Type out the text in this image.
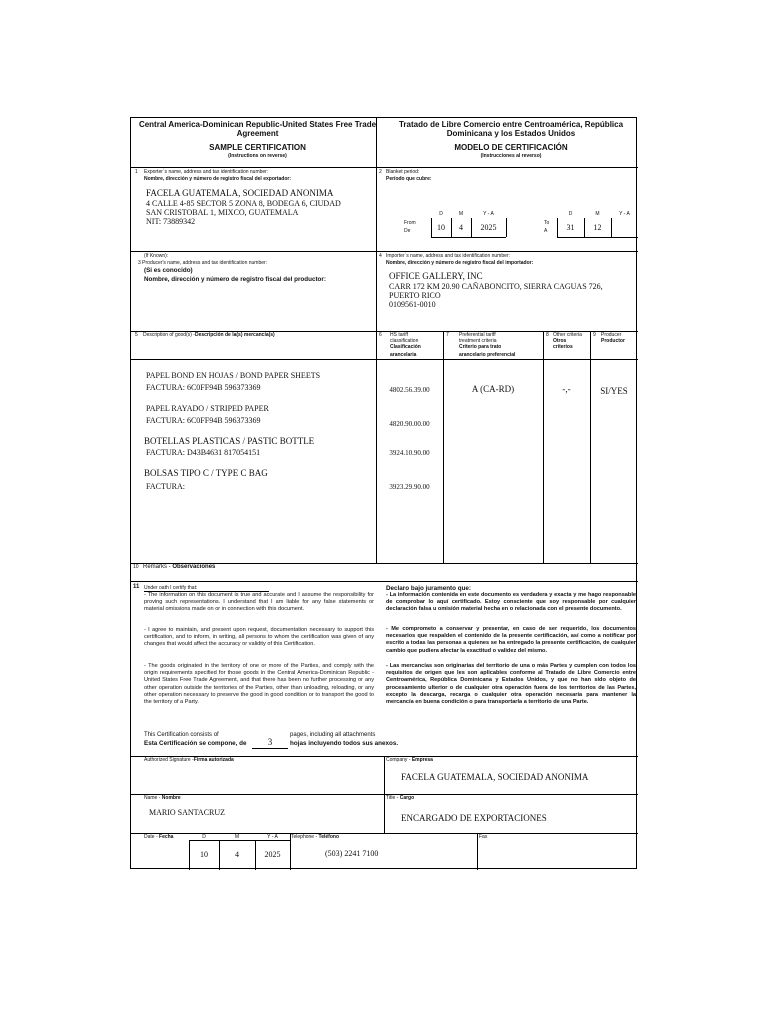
Central America-Dominican Republic-United States Free Trade Agreement
Tratado de Libre Comercio entre Centroamérica, República Dominicana y los Estados Unidos
SAMPLE CERTIFICATION
(Instructions on reverse)
MODELO DE CERTIFICACIÓN
(Instrucciones al reverso)
1 Exporter´s name, address and tax identification number:
Nombre, dirección y número de registro fiscal del exportador:
FACELA GUATEMALA, SOCIEDAD ANONIMA
4 CALLE 4-85 SECTOR 5 ZONA 8, BODEGA 6, CIUDAD
SAN CRISTOBAL 1, MIXCO, GUATEMALA
NIT: 73889342
2 Blanket period:
Período que cubre:
D	M	Y - A
From
De	10	4	2025
D	M	Y - A
To
A	31	12
(If Known):
3 Producer's name, address and tax identification number:
(Si es conocido)
Nombre, dirección y número de registro fiscal del productor:
4 Importer´s name, address and tax identification number:
Nombre, dirección y número de registro fiscal del importador:
OFFICE GALLERY, INC
CARR 172 KM 20.90 CAÑABONCITO, SIERRA CAGUAS 726,
PUERTO RICO
0109561-0010
5 Description of good(s) -Descripción de la(s) mercancía(s)	6 HS tariff
classification
Clasificación
arancelaria
7 Preferential tariff
treatment criteria
Criterio para trato
arancelario preferencial
8 Other criteria
Otros
criterios
9 Producer
Productor
PAPEL BOND EN HOJAS / BOND PAPER SHEETS
FACTURA: 6C0FF94B 596373369	4802.56.39.00
PAPEL RAYADO / STRIPED PAPER
FACTURA: 6C0FF94B 596373369	4820.90.00.00
BOTELLAS PLASTICAS / PASTIC BOTTLE
FACTURA: D43B4631 817054151	3924.10.90.00
BOLSAS TIPO C / TYPE C BAG
FACTURA:	3923.29.90.00
A (CA-RD)	-,-	SI/YES
10 Remarks - Observaciones
11 Under oath I certify that:
- The information on this document is true and accurate and I assume the responsibility for proving such representations. I understand that I am liable for any false statements or material omissions made on or in connection with this document.
- I agree to maintain, and present upon request, documentation necessary to support this certification, and to inform, in writing, all persons to whom the certification was given of any changes that would affect the accuracy or validity of this Certification.
- The goods originated in the territory of one or more of the Parties, and comply with the origin requirements specified for those goods in the Central America-Dominican Republic - United States Free Trade Agreement, and that there has been no further processing or any other operation outside the territories of the Parties, other than unloading, reloading, or any other operation necessary to preserve the good in good condition or to transport the good to the territory of a Party.
Declaro bajo juramento que:
- La información contenida en este documento es verdadera y exacta y me hago responsable de comprobar lo aquí certificado. Estoy consciente que soy responsable por cualquier declaración falsa u omisión material hecha en o relacionada con el presente documento.
- Me comprometo a conservar y presentar, en caso de ser requerido, los documentos necesarios que respalden el contenido de la presente certificación, así como a notificar por escrito a todas las personas a quienes se ha entregado la presente certificación, de cualquier cambio que pudiera afectar la exactitud o validez del mismo.
- Las mercancías son originarias del territorio de una o más Partes y cumplen con todos los requisitos de origen que les son aplicables conforme al Tratado de Libre Comercio entre Centroamérica, República Dominicana y Estados Unidos, y que no han sido objeto de procesamiento ulterior o de cualquier otra operación fuera de los territorios de las Partes, excepto la descarga, recarga o cualquier otra operación necesaria para mantener la mercancía en buena condición o para transportarla a territorio de una Parte.
This Certification consists of
Esta Certificación se compone, de	3
pages, including all attachments
hojas incluyendo todos sus anexos.
Authorized Signature -Firma autorizada	Company - Empresa
FACELA GUATEMALA, SOCIEDAD ANONIMA
Name - Nombre
MARIO SANTACRUZ
Title - Cargo
ENCARGADO DE EXPORTACIONES
Date - Fecha	D	M	Y - A
10	4	2025
Telephone - Teléfono
(503) 2241 7100
Fax
